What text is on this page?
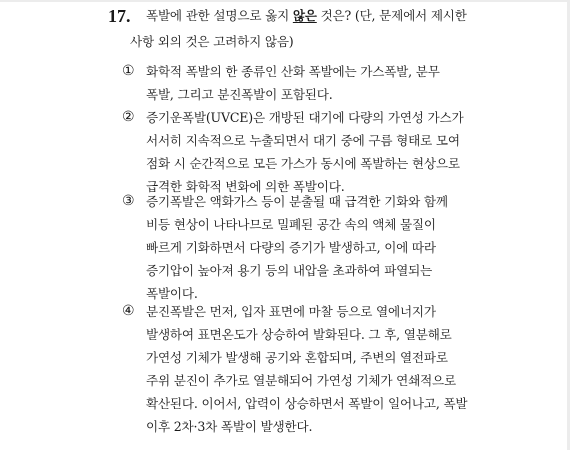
17. 폭발에 관한 설명으로 옳지 않은 것은? (단, 문제에서 제시한
사항 외의 것은 고려하지 않음)
① 화학적 폭발의 한 종류인 산화 폭발에는 가스폭발, 분무
폭발, 그리고 분진폭발이 포함된다.
② 증기운폭발(UVCE)은 개방된 대기에 다량의 가연성 가스가
서서히 지속적으로 누출되면서 대기 중에 구름 형태로 모여
점화 시 순간적으로 모든 가스가 동시에 폭발하는 현상으로
급격한 화학적 변화에 의한 폭발이다.
③ 증기폭발은 액화가스 등이 분출될 때 급격한 기화와 함께
비등 현상이 나타나므로 밀폐된 공간 속의 액체 물질이
빠르게 기화하면서 다량의 증기가 발생하고, 이에 따라
증기압이 높아져 용기 등의 내압을 초과하여 파열되는
폭발이다.
④ 분진폭발은 먼저, 입자 표면에 마찰 등으로 열에너지가
발생하여 표면온도가 상승하여 발화된다. 그 후, 열분해로
가연성 기체가 발생해 공기와 혼합되며, 주변의 열전파로
주위 분진이 추가로 열분해되어 가연성 기체가 연쇄적으로
확산된다. 이어서, 압력이 상승하면서 폭발이 일어나고, 폭발
이후 2차·3차 폭발이 발생한다.
